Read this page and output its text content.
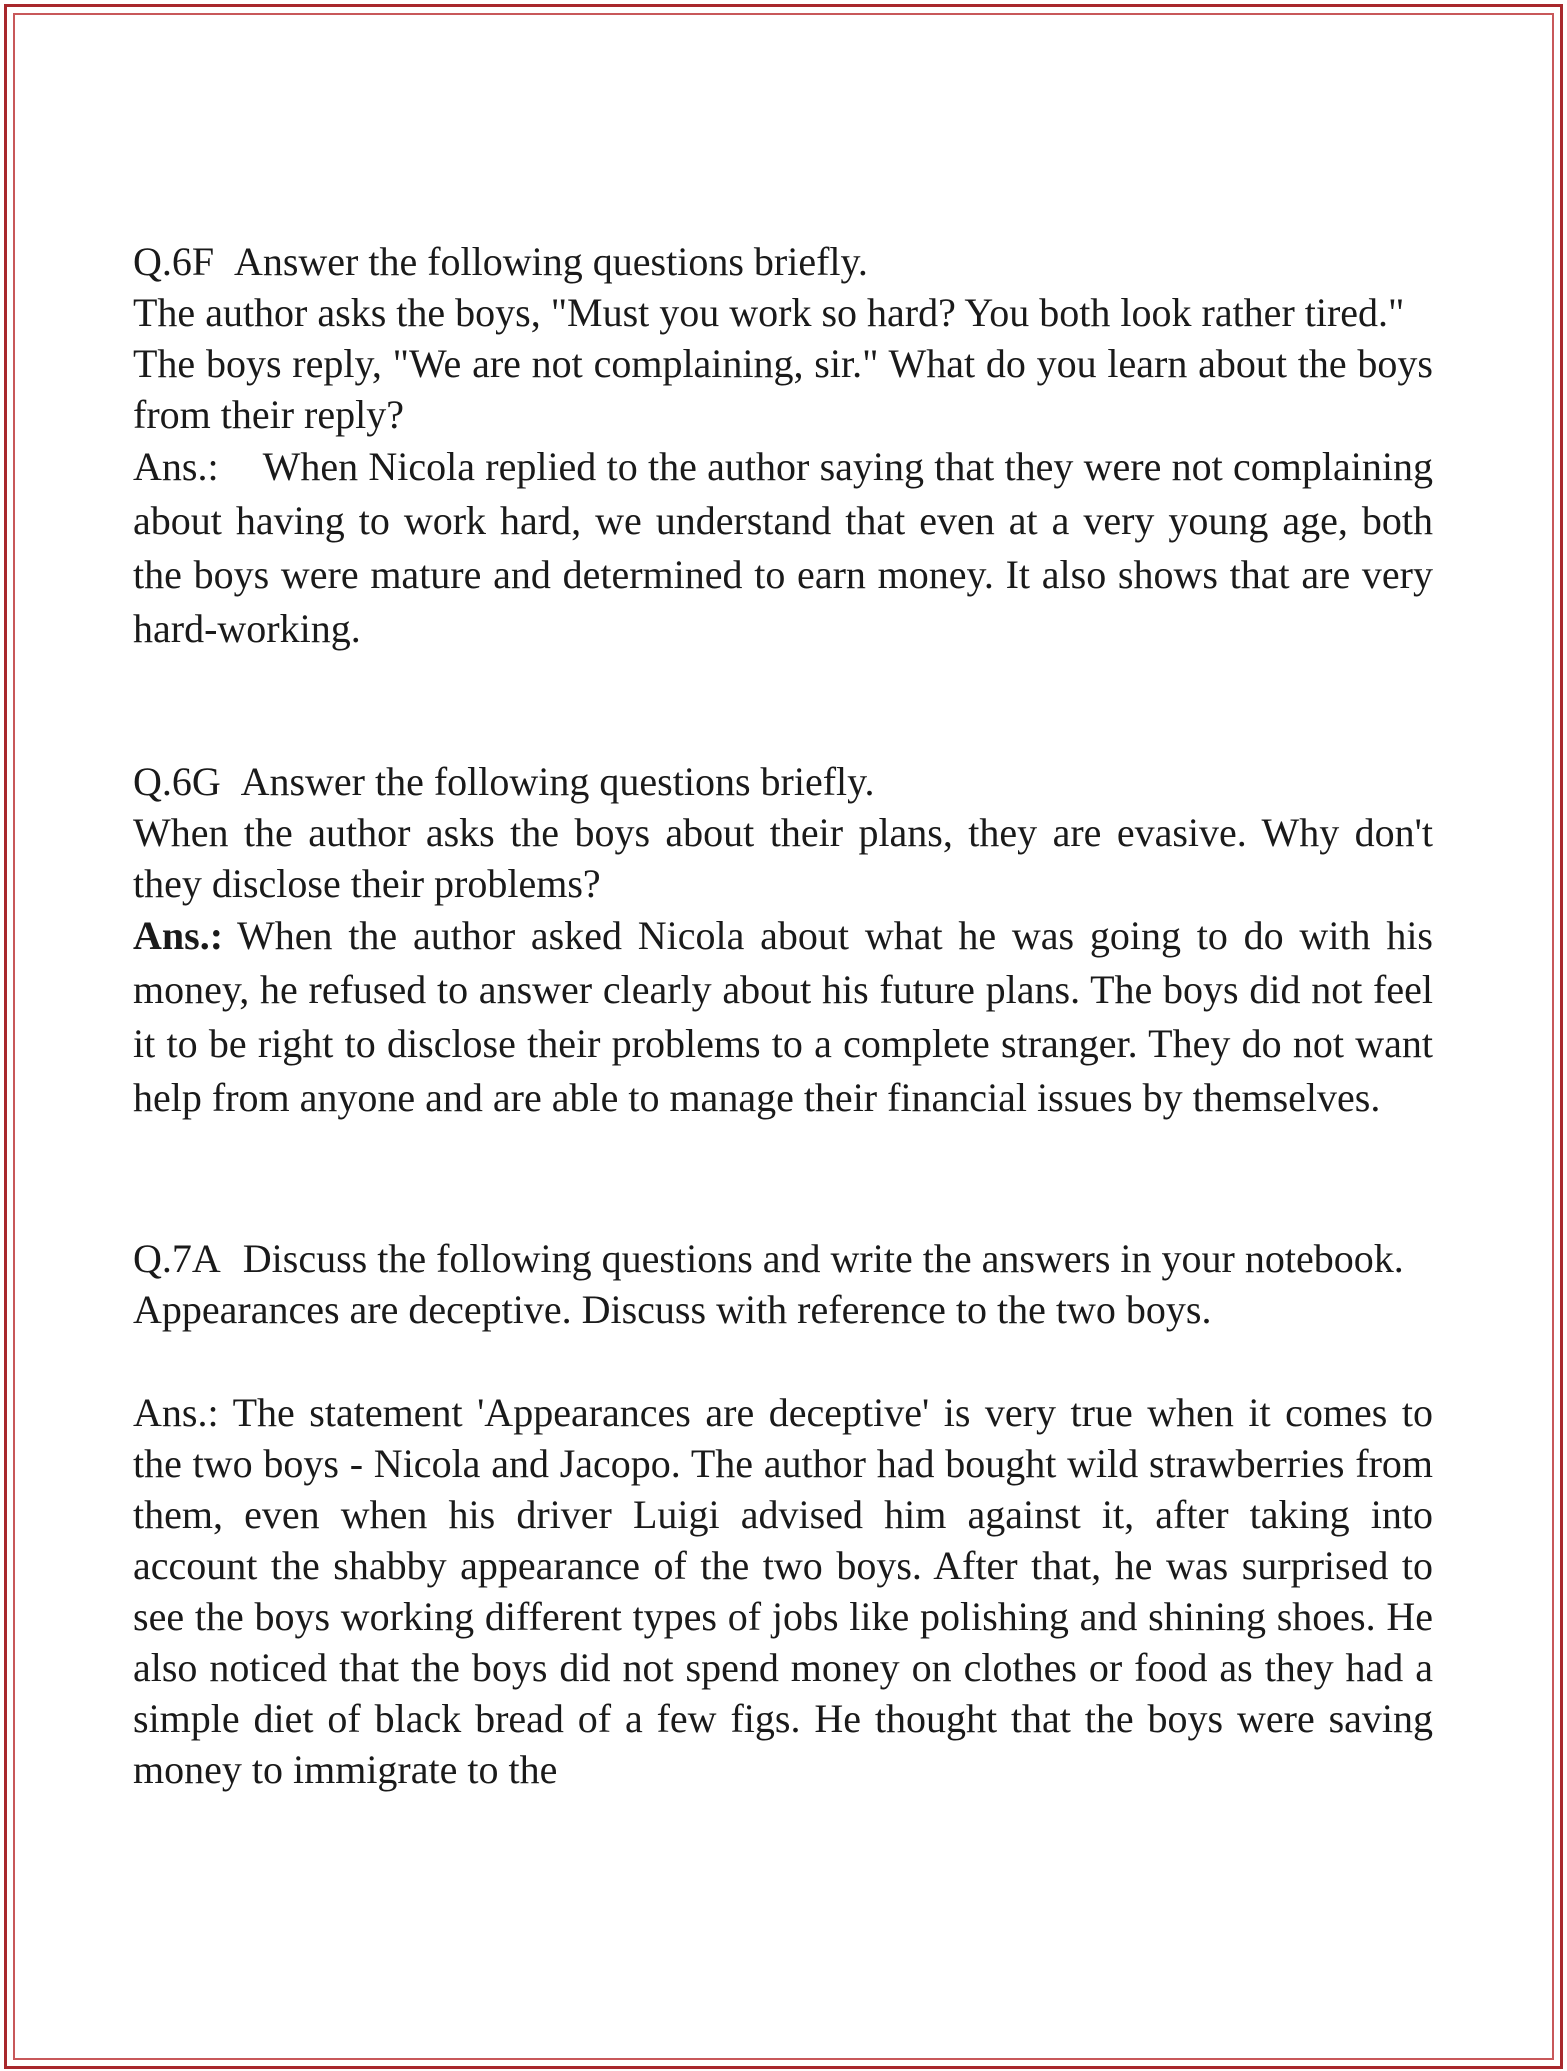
Q.6F Answer the following questions briefly.

The author asks the boys, "Must you work so hard? You both look rather tired."

The boys reply, "We are not complaining, sir." What do you learn about the boys from their reply?

Ans.: When Nicola replied to the author saying that they were not complaining about having to work hard, we understand that even at a very young age, both the boys were mature and determined to earn money. It also shows that are very hard-working.

Q.6G Answer the following questions briefly.

When the author asks the boys about their plans, they are evasive. Why don't they disclose their problems?

Ans.: When the author asked Nicola about what he was going to do with his money, he refused to answer clearly about his future plans. The boys did not feel it to be right to disclose their problems to a complete stranger. They do not want help from anyone and are able to manage their financial issues by themselves.

Q.7A Discuss the following questions and write the answers in your notebook.

Appearances are deceptive. Discuss with reference to the two boys.

Ans.: The statement 'Appearances are deceptive' is very true when it comes to the two boys - Nicola and Jacopo. The author had bought wild strawberries from them, even when his driver Luigi advised him against it, after taking into account the shabby appearance of the two boys. After that, he was surprised to see the boys working different types of jobs like polishing and shining shoes. He also noticed that the boys did not spend money on clothes or food as they had a simple diet of black bread of a few figs. He thought that the boys were saving money to immigrate to the
